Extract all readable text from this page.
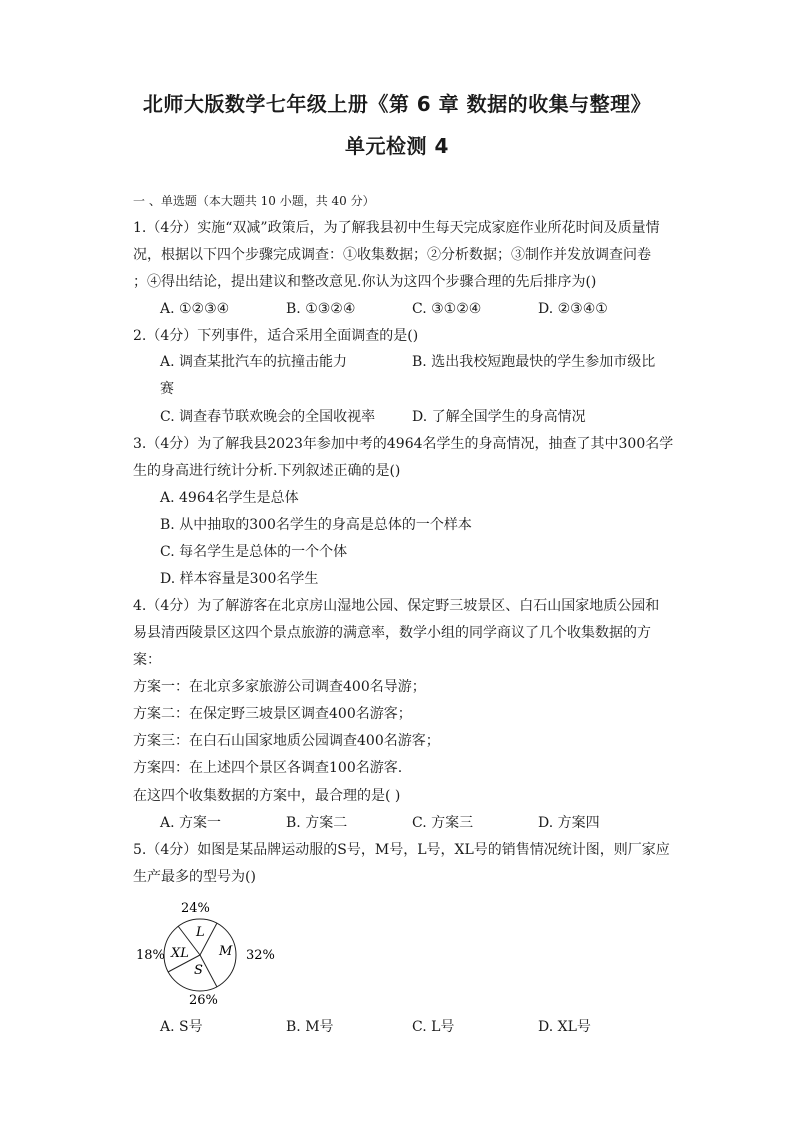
北师大版数学七年级上册《第 6 章 数据的收集与整理》
单元检测 4
一 、单选题（本大题共 10 小题，共 40 分）
1.（4分）实施“双减”政策后，为了解我县初中生每天完成家庭作业所花时间及质量情
况，根据以下四个步骤完成调查：①收集数据；②分析数据；③制作并发放调查问卷
；④得出结论，提出建议和整改意见.你认为这四个步骤合理的先后排序为()
A. ①②③④	B. ①③②④	C. ③①②④	D. ②③④①
2.（4分）下列事件，适合采用全面调查的是()
A. 调查某批汽车的抗撞击能力	B. 选出我校短跑最快的学生参加市级比
赛
C. 调查春节联欢晚会的全国收视率	D. 了解全国学生的身高情况
3.（4分）为了解我县2023年参加中考的4964名学生的身高情况，抽查了其中300名学
生的身高进行统计分析.下列叙述正确的是()
A. 4964名学生是总体
B. 从中抽取的300名学生的身高是总体的一个样本
C. 每名学生是总体的一个个体
D. 样本容量是300名学生
4.（4分）为了解游客在北京房山湿地公园、保定野三坡景区、白石山国家地质公园和
易县清西陵景区这四个景点旅游的满意率，数学小组的同学商议了几个收集数据的方
案：
方案一：在北京多家旅游公司调查400名导游；
方案二：在保定野三坡景区调查400名游客；
方案三：在白石山国家地质公园调查400名游客；
方案四：在上述四个景区各调查100名游客.
在这四个收集数据的方案中，最合理的是( )
A. 方案一	B. 方案二	C. 方案三	D. 方案四
5.（4分）如图是某品牌运动服的S号，M号，L号，XL号的销售情况统计图，则厂家应
生产最多的型号为()
L
M
S
XL
24%
32%
26%
18%
A. S号	B. M号	C. L号	D. XL号
